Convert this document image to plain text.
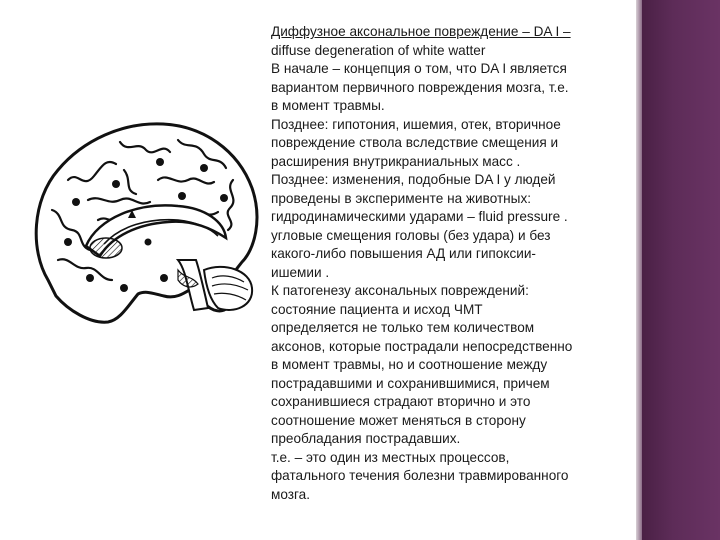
Диффузное аксональное повреждение – DA I –

diffuse degeneration of white watter

В начале – концепция о том, что DA I является

вариантом первичного повреждения мозга, т.е.

в момент травмы.

Позднее: гипотония, ишемия, отек, вторичное

повреждение ствола вследствие смещения и

расширения внутрикраниальных масс .

Позднее: изменения, подобные DA I у людей

проведены в эксперименте на животных:

гидродинамическими ударами – fluid pressure .

угловые смещения головы (без удара) и без

какого-либо повышения АД или гипоксии-

ишемии .

К патогенезу аксональных повреждений:

состояние пациента и исход ЧМТ

определяется не только тем количеством

аксонов, которые пострадали непосредственно

в момент травмы, но и соотношение между

пострадавшими и сохранившимися, причем

сохранившиеся страдают вторично и это

соотношение может меняться в сторону

преобладания пострадавших.

т.е. – это один из местных процессов,

фатального течения болезни травмированного

мозга.
